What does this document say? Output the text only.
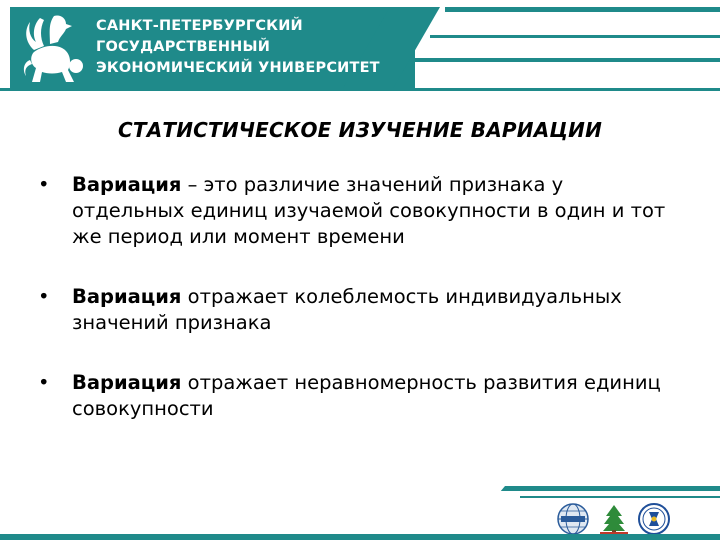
САНКТ-ПЕТЕРБУРГСКИЙ
ГОСУДАРСТВЕННЫЙ
ЭКОНОМИЧЕСКИЙ УНИВЕРСИТЕТ
СТАТИСТИЧЕСКОЕ ИЗУЧЕНИЕ ВАРИАЦИИ
• Вариация – это различие значений признака у отдельных единиц изучаемой совокупности в один и тот же период или момент времени
• Вариация отражает колеблемость индивидуальных значений признака
• Вариация отражает неравномерность развития единиц совокупности
